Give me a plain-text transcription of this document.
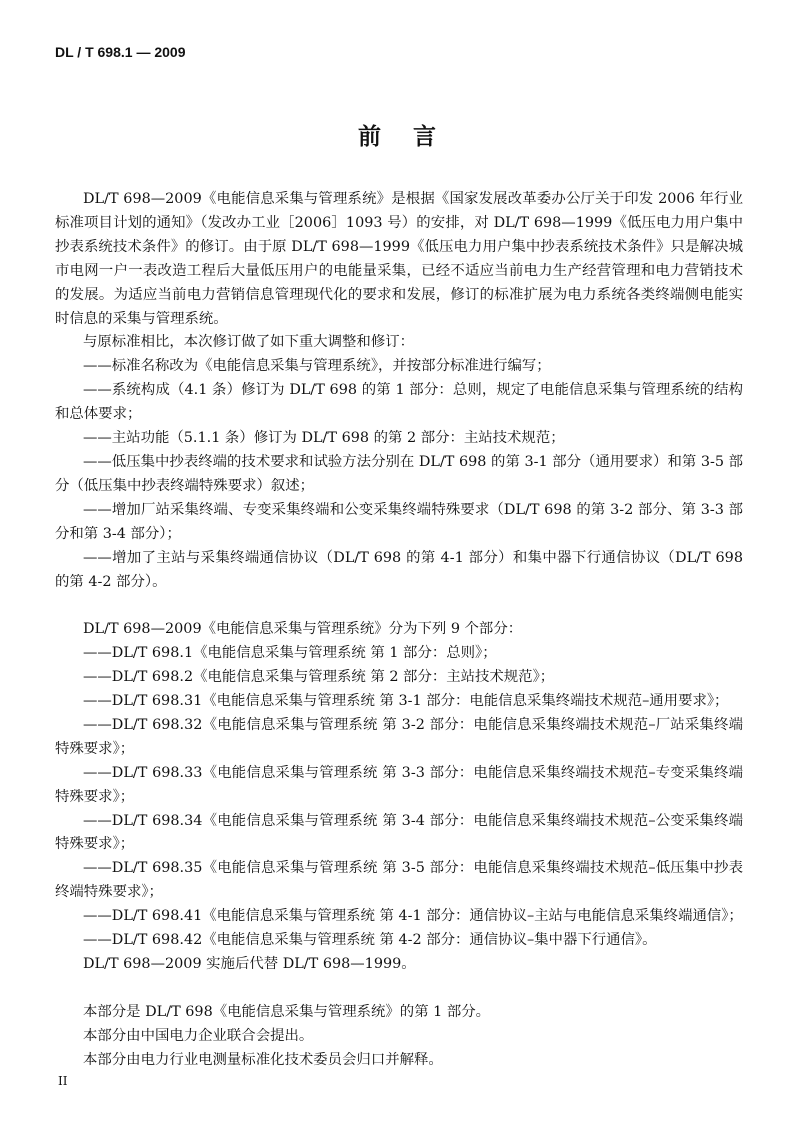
DL / T 698.1 — 2009
前言

DL/T 698—2009《电能信息采集与管理系统》是根据《国家发展改革委办公厅关于印发 2006 年行业标准项目计划的通知》（发改办工业［2006］1093 号）的安排，对 DL/T 698—1999《低压电力用户集中抄表系统技术条件》的修订。由于原 DL/T 698—1999《低压电力用户集中抄表系统技术条件》只是解决城市电网一户一表改造工程后大量低压用户的电能量采集，已经不适应当前电力生产经营管理和电力营销技术的发展。为适应当前电力营销信息管理现代化的要求和发展，修订的标准扩展为电力系统各类终端侧电能实时信息的采集与管理系统。

与原标准相比，本次修订做了如下重大调整和修订：

——标准名称改为《电能信息采集与管理系统》，并按部分标准进行编写；

——系统构成（4.1 条）修订为 DL/T 698 的第 1 部分：总则，规定了电能信息采集与管理系统的结构和总体要求；

——主站功能（5.1.1 条）修订为 DL/T 698 的第 2 部分：主站技术规范；

——低压集中抄表终端的技术要求和试验方法分别在 DL/T 698 的第 3-1 部分（通用要求）和第 3-5 部分（低压集中抄表终端特殊要求）叙述；

——增加厂站采集终端、专变采集终端和公变采集终端特殊要求（DL/T 698 的第 3-2 部分、第 3-3 部分和第 3-4 部分）；

——增加了主站与采集终端通信协议（DL/T 698 的第 4-1 部分）和集中器下行通信协议（DL/T 698 的第 4-2 部分）。

DL/T 698—2009《电能信息采集与管理系统》分为下列 9 个部分：

——DL/T 698.1《电能信息采集与管理系统 第 1 部分：总则》；

——DL/T 698.2《电能信息采集与管理系统 第 2 部分：主站技术规范》；

——DL/T 698.31《电能信息采集与管理系统 第 3-1 部分：电能信息采集终端技术规范–通用要求》；

——DL/T 698.32《电能信息采集与管理系统 第 3-2 部分：电能信息采集终端技术规范–厂站采集终端特殊要求》；

——DL/T 698.33《电能信息采集与管理系统 第 3-3 部分：电能信息采集终端技术规范–专变采集终端特殊要求》；

——DL/T 698.34《电能信息采集与管理系统 第 3-4 部分：电能信息采集终端技术规范–公变采集终端特殊要求》；

——DL/T 698.35《电能信息采集与管理系统 第 3-5 部分：电能信息采集终端技术规范–低压集中抄表终端特殊要求》；

——DL/T 698.41《电能信息采集与管理系统 第 4-1 部分：通信协议–主站与电能信息采集终端通信》；

——DL/T 698.42《电能信息采集与管理系统 第 4-2 部分：通信协议–集中器下行通信》。

DL/T 698—2009 实施后代替 DL/T 698—1999。

本部分是 DL/T 698《电能信息采集与管理系统》的第 1 部分。

本部分由中国电力企业联合会提出。

本部分由电力行业电测量标准化技术委员会归口并解释。

II
